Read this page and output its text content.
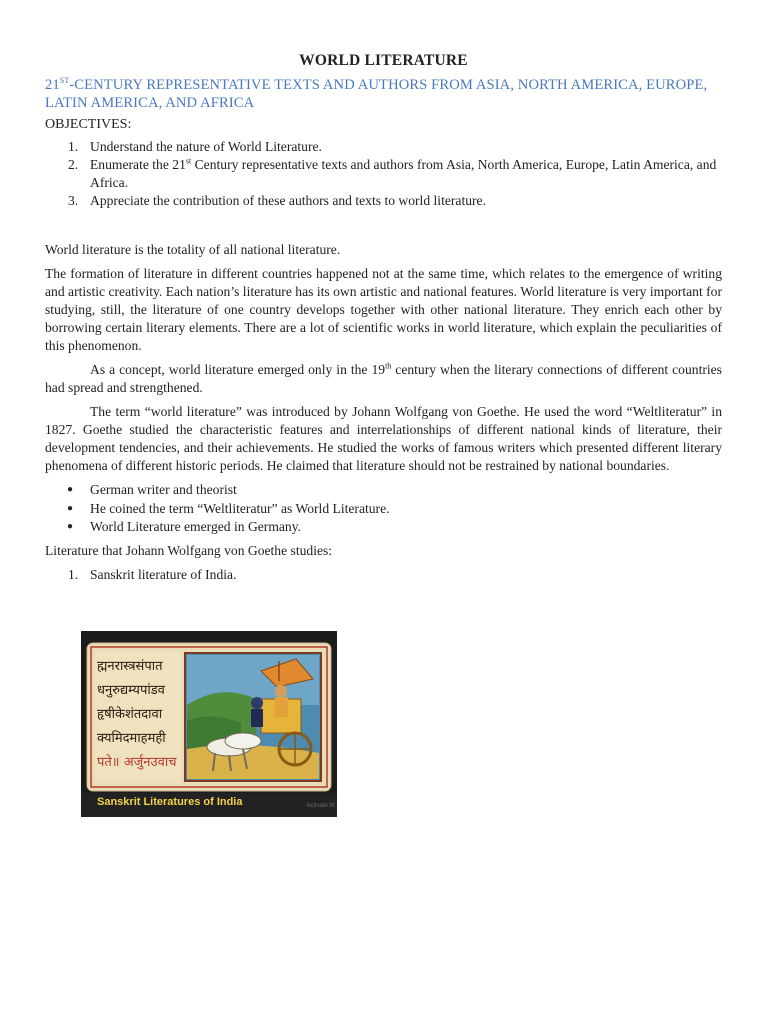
WORLD LITERATURE
21ST-CENTURY REPRESENTATIVE TEXTS AND AUTHORS FROM ASIA, NORTH AMERICA, EUROPE, LATIN AMERICA, AND AFRICA
OBJECTIVES:
1. Understand the nature of World Literature.
2. Enumerate the 21st Century representative texts and authors from Asia, North America, Europe, Latin America, and Africa.
3. Appreciate the contribution of these authors and texts to world literature.

World literature is the totality of all national literature.

The formation of literature in different countries happened not at the same time, which relates to the emergence of writing and artistic creativity. Each nation’s literature has its own artistic and national features. World literature is very important for studying, still, the literature of one country develops together with other national literature. They enrich each other by borrowing certain literary elements. There are a lot of scientific works in world literature, which explain the peculiarities of this phenomenon.

As a concept, world literature emerged only in the 19th century when the literary connections of different countries had spread and strengthened.

The term “world literature” was introduced by Johann Wolfgang von Goethe. He used the word “Weltliteratur” in 1827. Goethe studied the characteristic features and interrelationships of different national kinds of literature, their development tendencies, and their achievements. He studied the works of famous writers which presented different literary phenomena of different historic periods. He claimed that literature should not be restrained by national boundaries.

● German writer and theorist
● He coined the term “Weltliteratur” as World Literature.
● World Literature emerged in Germany.

Literature that Johann Wolfgang von Goethe studies:

1. Sanskrit literature of India.
ह्मनरास्त्रसंपात
धनुरुद्यम्यपांडव
हृषीकेशंतदावा
क्यमिदमाहमही
पते॥ अर्जुनउवाच
Sanskrit Literatures of India	Activate W
